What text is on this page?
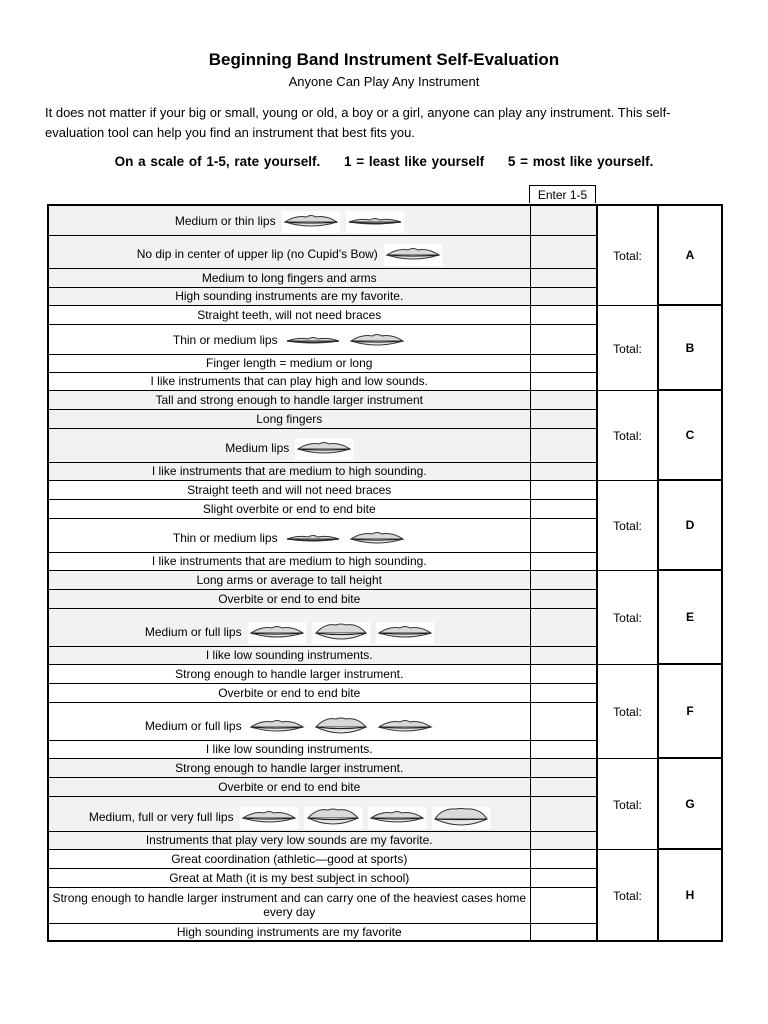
Beginning Band Instrument Self-Evaluation
Anyone Can Play Any Instrument
It does not matter if your big or small, young or old, a boy or a girl, anyone can play any instrument. This self-evaluation tool can help you find an instrument that best fits you.
On a scale of 1-5, rate yourself.     1 = least like yourself     5 = most like yourself.
Enter 1-5
Medium or thin lips		Total:	A
No dip in center of upper lip (no Cupid's Bow)		

Medium to long fingers and arms			
High sounding instruments are my favorite.			
Straight teeth, will not need braces		Total:	B
Thin or medium lips		

Finger length = medium or long			
I like instruments that can play high and low sounds.			
Tall and strong enough to handle larger instrument		Total:	C
Long fingers			
Medium lips		

I like instruments that are medium to high sounding.			
Straight teeth and will not need braces		Total:	D
Slight overbite or end to end bite			
Thin or medium lips		

I like instruments that are medium to high sounding.			
Long arms or average to tall height		Total:	E
Overbite or end to end bite			
Medium or full lips		

I like low sounding instruments.			
Strong enough to handle larger instrument.		Total:	F
Overbite or end to end bite			
Medium or full lips		

I like low sounding instruments.			
Strong enough to handle larger instrument.		Total:	G
Overbite or end to end bite			
Medium, full or very full lips		

Instruments that play very low sounds are my favorite.			
Great coordination (athletic—good at sports)		Total:	H
Great at Math (it is my best subject in school)			
Strong enough to handle larger instrument and can carry one of the heaviest cases home every day			
High sounding instruments are my favorite			
